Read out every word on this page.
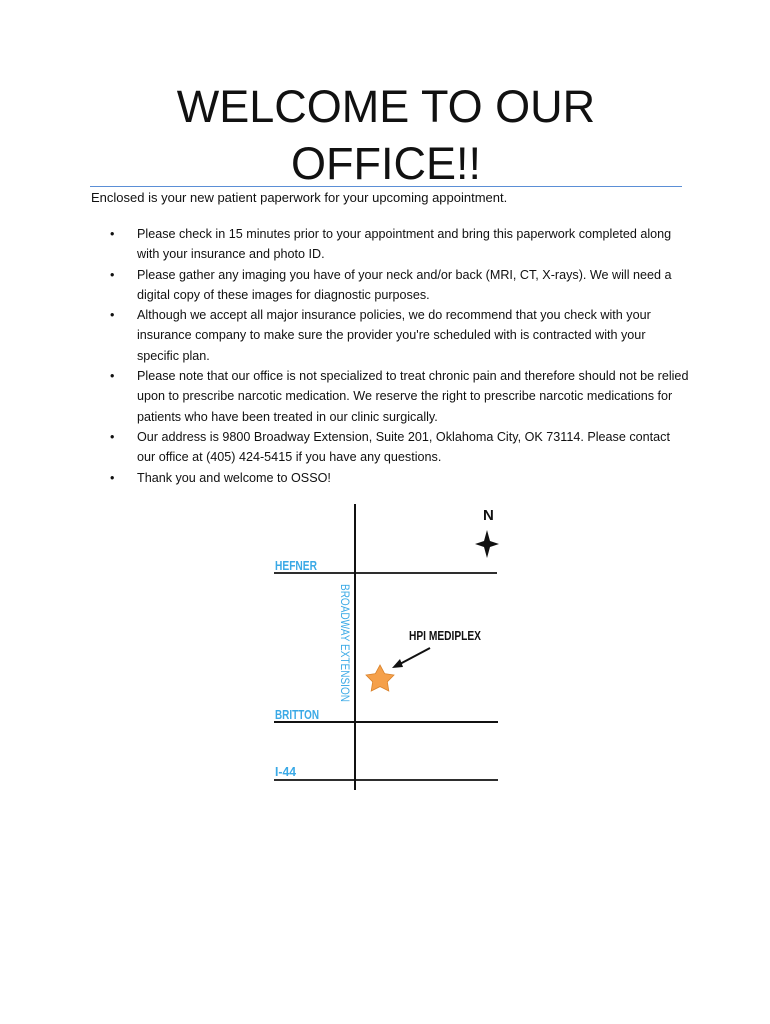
WELCOME TO OUR
OFFICE!!

Enclosed is your new patient paperwork for your upcoming appointment.

• Please check in 15 minutes prior to your appointment and bring this paperwork completed along with your insurance and photo ID.
• Please gather any imaging you have of your neck and/or back (MRI, CT, X-rays). We will need a digital copy of these images for diagnostic purposes.
• Although we accept all major insurance policies, we do recommend that you check with your insurance company to make sure the provider you're scheduled with is contracted with your specific plan.
• Please note that our office is not specialized to treat chronic pain and therefore should not be relied upon to prescribe narcotic medication. We reserve the right to prescribe narcotic medications for patients who have been treated in our clinic surgically.
• Our address is 9800 Broadway Extension, Suite 201, Oklahoma City, OK 73114. Please contact our office at (405) 424-5415 if you have any questions.
• Thank you and welcome to OSSO!
HEFNER
BRITTON
I-44
BROADWAY EXTENSION
N
HPI MEDIPLEX
